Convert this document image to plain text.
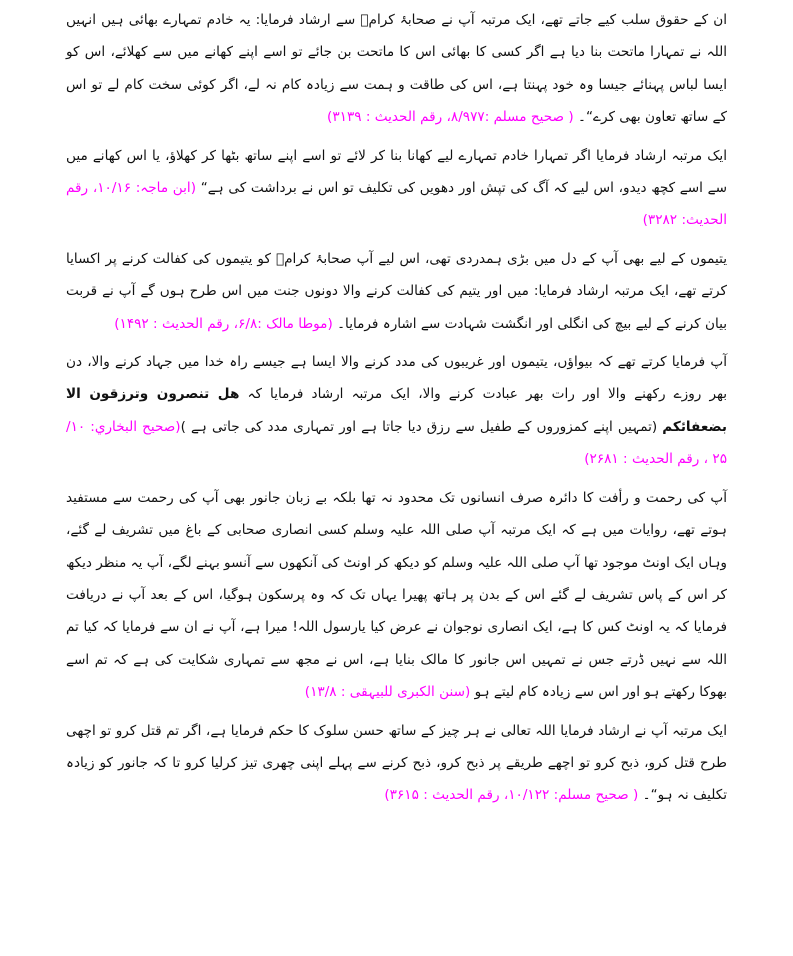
ان کے حقوق سلب کیے جاتے تھے، ایک مرتبہ آپ نے صحابۂ کرامؓ سے ارشاد فرمایا: یہ خادم تمہارے بھائی ہیں انہیں اللہ نے تمہارا ماتحت بنا دیا ہے اگر کسی کا بھائی اس کا ماتحت بن جائے تو اسے اپنے کھانے میں سے کھلائے، اس کو ایسا لباس پہنائے جیسا وہ خود پہنتا ہے، اس کی طاقت و ہمت سے زیادہ کام نہ لے، اگر کوئی سخت کام لے تو اس کے ساتھ تعاون بھی کرے“۔ ( صحیح مسلم :۸/۹۷۷، رقم الحدیث : ۳۱۳۹)

ایک مرتبہ ارشاد فرمایا اگر تمہارا خادم تمہارے لیے کھانا بنا کر لائے تو اسے اپنے ساتھ بٹھا کر کھلاؤ، یا اس کھانے میں سے اسے کچھ دیدو، اس لیے کہ آگ کی تپش اور دھویں کی تکلیف تو اس نے برداشت کی ہے“ (ابن ماجہ: ۱۰/۱۶، رقم الحدیث: ۳۲۸۲)

یتیموں کے لیے بھی آپ کے دل میں بڑی ہمدردی تھی، اس لیے آپ صحابۂ کرامؓ کو یتیموں کی کفالت کرنے پر اکسایا کرتے تھے، ایک مرتبہ ارشاد فرمایا: میں اور یتیم کی کفالت کرنے والا دونوں جنت میں اس طرح ہوں گے آپ نے قربت بیان کرنے کے لیے بیچ کی انگلی اور انگشت شہادت سے اشارہ فرمایا۔ (موطا مالک :۶/۸، رقم الحدیث : ۱۴۹۲)

آپ فرمایا کرتے تھے کہ بیواؤں، یتیموں اور غریبوں کی مدد کرنے والا ایسا ہے جیسے راہ خدا میں جہاد کرنے والا، دن بھر روزے رکھنے والا اور رات بھر عبادت کرنے والا، ایک مرتبہ ارشاد فرمایا کہ هل تنصرون وترزقون الا بضعفائكم (تمہیں اپنے کمزوروں کے طفیل سے رزق دیا جاتا ہے اور تمہاری مدد کی جاتی ہے )(صحيح البخاري: ۱۰/ ۲۵ ، رقم الحديث : ۲۶۸۱)

آپ کی رحمت و رأفت کا دائرہ صرف انسانوں تک محدود نہ تھا بلکہ بے زبان جانور بھی آپ کی رحمت سے مستفید ہوتے تھے، روایات میں ہے کہ ایک مرتبہ آپ صلی اللہ علیہ وسلم کسی انصاری صحابی کے باغ میں تشریف لے گئے، وہاں ایک اونٹ موجود تھا آپ صلی اللہ علیہ وسلم کو دیکھ کر اونٹ کی آنکھوں سے آنسو بہنے لگے، آپ یہ منظر دیکھ کر اس کے پاس تشریف لے گئے اس کے بدن پر ہاتھ پھیرا یہاں تک کہ وہ پرسکون ہوگیا، اس کے بعد آپ نے دریافت فرمایا کہ یہ اونٹ کس کا ہے، ایک انصاری نوجوان نے عرض کیا یارسول اللہ! میرا ہے، آپ نے ان سے فرمایا کہ کیا تم اللہ سے نہیں ڈرتے جس نے تمہیں اس جانور کا مالک بنایا ہے، اس نے مجھ سے تمہاری شکایت کی ہے کہ تم اسے بھوکا رکھتے ہو اور اس سے زیادہ کام لیتے ہو (سنن الکبری للبیہقی : ۱۳/۸)

ایک مرتبہ آپ نے ارشاد فرمایا اللہ تعالی نے ہر چیز کے ساتھ حسن سلوک کا حکم فرمایا ہے، اگر تم قتل کرو تو اچھی طرح قتل کرو، ذبح کرو تو اچھے طریقے پر ذبح کرو، ذبح کرنے سے پہلے اپنی چھری تیز کرلیا کرو تا کہ جانور کو زیادہ تکلیف نہ ہو“۔ ( صحیح مسلم: ۱۰/۱۲۲، رقم الحدیث : ۳۶۱۵)
